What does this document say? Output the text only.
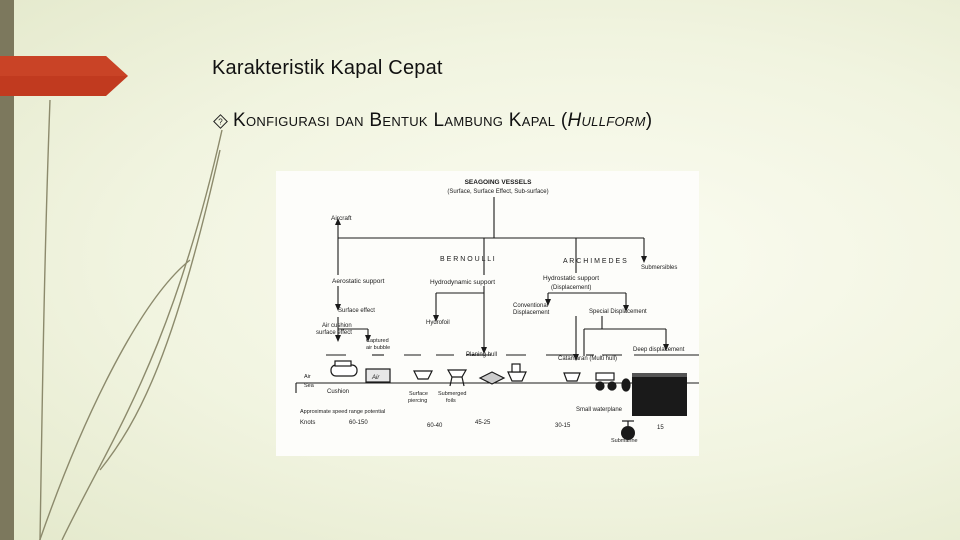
Karakteristik Kapal Cepat
? Konfigurasi dan Bentuk Lambung Kapal (Hullform)
SEAGOING VESSELS
(Surface, Surface Effect, Sub-surface)
Aircraft
B E R N O U L L I	A R C H I M E D E S
Submersibles
Aerostatic support	Hydrodynamic support
Hydrostatic support
(Displacement)
Surface effect
Conventional
Displacement
Hydrofoil
Special Displacement
Air cushion
surface effect
Captured
air bubble
Planing hull
Catamaran (Multi hull)
Deep displacement
Air
Sea
Air
Cushion	Surface
piercing
Submerged
foils
Small waterplane
Submarine
Approximate speed range potential
Knots	60-150	60-40	45-25	30-15	15
